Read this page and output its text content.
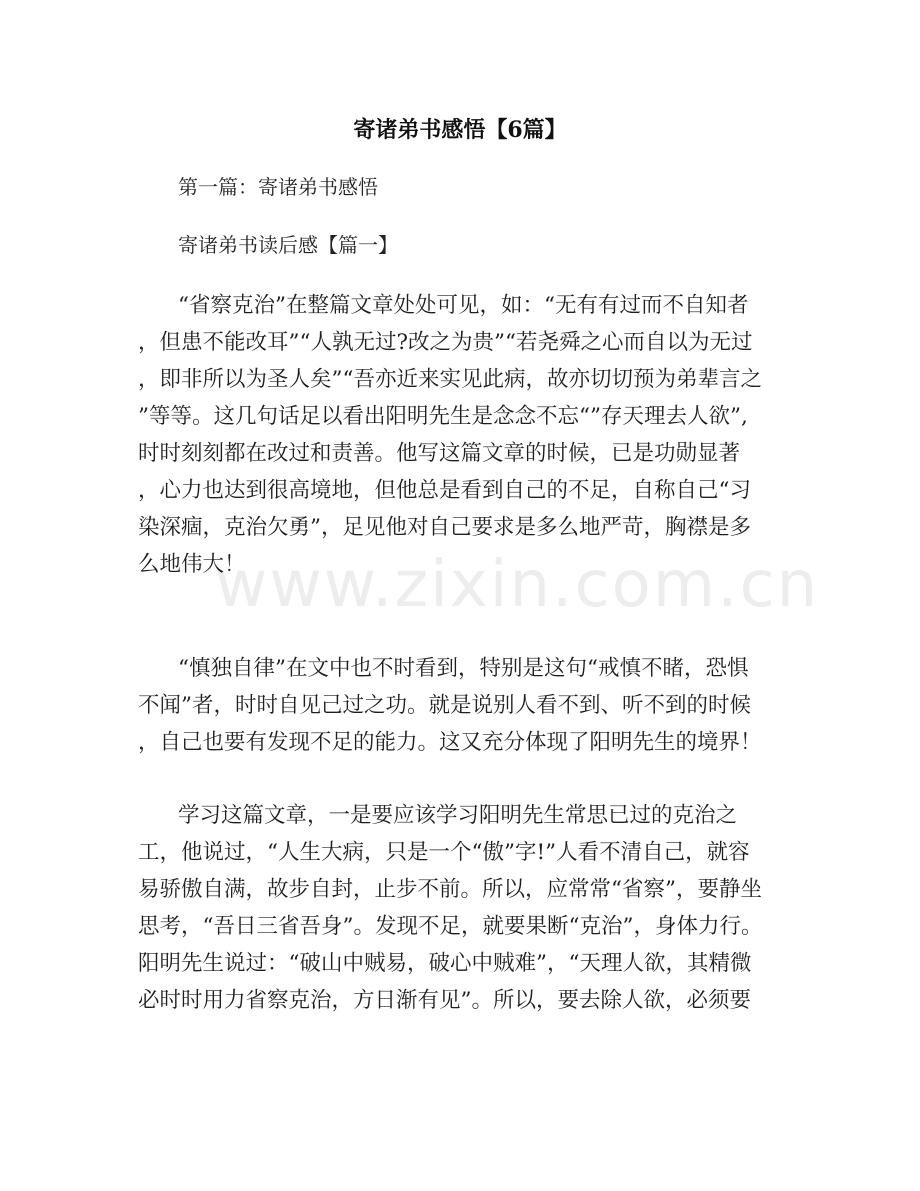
www.zixin.com.cn
寄诸弟书感悟【6篇】
第一篇：寄诸弟书感悟
寄诸弟书读后感【篇一】
“省察克治”在整篇文章处处可见，如：“无有有过而不自知者
，但患不能改耳”“人孰无过?改之为贵”“若尧舜之心而自以为无过
，即非所以为圣人矣”“吾亦近来实见此病，故亦切切预为弟辈言之
”等等。这几句话足以看出阳明先生是念念不忘“”存天理去人欲”,
时时刻刻都在改过和责善。他写这篇文章的时候，已是功勋显著
，心力也达到很高境地，但他总是看到自己的不足，自称自己“习
染深痼，克治欠勇”，足见他对自己要求是多么地严苛，胸襟是多
么地伟大！
“慎独自律”在文中也不时看到，特别是这句“戒慎不睹，恐惧
不闻”者，时时自见己过之功。就是说别人看不到、听不到的时候
，自己也要有发现不足的能力。这又充分体现了阳明先生的境界！
学习这篇文章，一是要应该学习阳明先生常思已过的克治之
工，他说过，“人生大病，只是一个“傲”字!”人看不清自己，就容
易骄傲自满，故步自封，止步不前。所以，应常常“省察”，要静坐
思考，“吾日三省吾身”。发现不足，就要果断“克治”，身体力行。
阳明先生说过：“破山中贼易，破心中贼难”，“天理人欲，其精微
必时时用力省察克治，方日渐有见”。所以，要去除人欲，必须要
